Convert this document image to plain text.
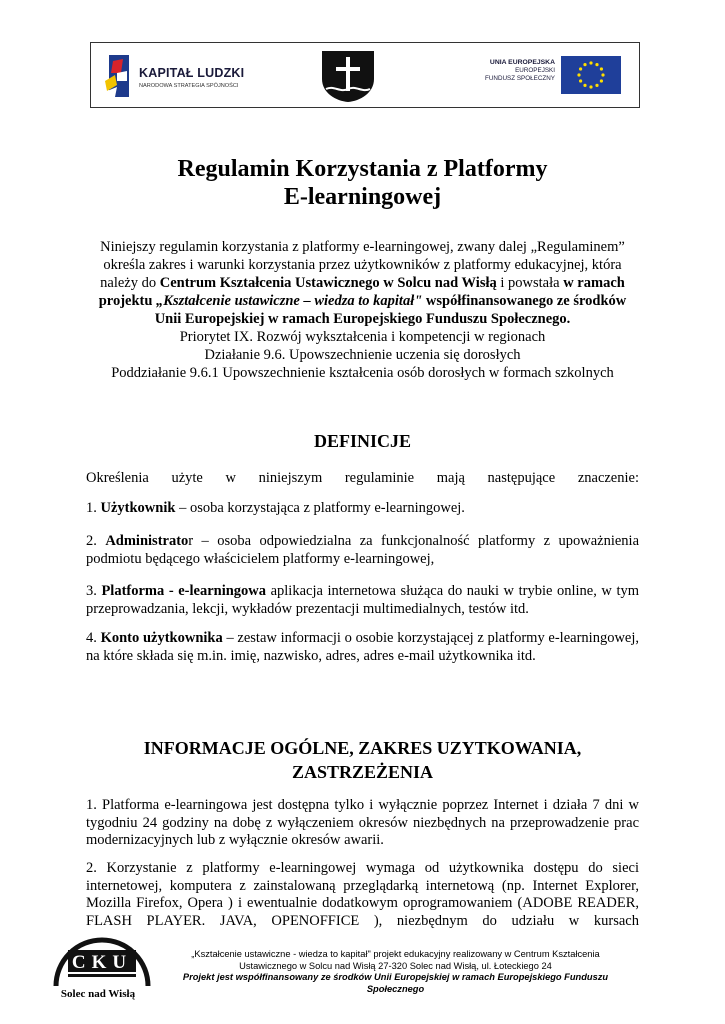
KAPITAŁ LUDZKI
NARODOWA STRATEGIA SPÓJNOŚCI
UNIA EUROPEJSKA
EUROPEJSKI
FUNDUSZ SPOŁECZNY
Regulamin Korzystania z Platformy
E-learningowej
Niniejszy regulamin korzystania z platformy e-learningowej, zwany dalej „Regulaminem” określa zakres i warunki korzystania przez użytkowników z platformy edukacyjnej, która należy do Centrum Kształcenia Ustawicznego w Solcu nad Wisłą i powstała w ramach projektu „Kształcenie ustawiczne – wiedza to kapitał" współfinansowanego ze środków Unii Europejskiej w ramach Europejskiego Funduszu Społecznego.
Priorytet IX. Rozwój wykształcenia i kompetencji w regionach
Działanie 9.6. Upowszechnienie uczenia się dorosłych
Poddziałanie 9.6.1 Upowszechnienie kształcenia osób dorosłych w formach szkolnych
DEFINICJE
Określenia użyte w niniejszym regulaminie mają następujące znaczenie:
1. Użytkownik – osoba korzystająca z platformy e-learningowej.
2. Administrator – osoba odpowiedzialna za funkcjonalność platformy z upoważnienia podmiotu będącego właścicielem platformy e-learningowej,
3. Platforma - e-learningowa aplikacja internetowa służąca do nauki w trybie online, w tym przeprowadzania, lekcji, wykładów prezentacji multimedialnych, testów itd.
4. Konto użytkownika – zestaw informacji o osobie korzystającej z platformy e-learningowej, na które składa się m.in. imię, nazwisko, adres, adres e-mail użytkownika itd.
INFORMACJE OGÓLNE, ZAKRES UZYTKOWANIA,
ZASTRZEŻENIA
1. Platforma e-learningowa jest dostępna tylko i wyłącznie poprzez Internet i działa 7 dni w tygodniu 24 godziny na dobę z wyłączeniem okresów niezbędnych na przeprowadzenie prac modernizacyjnych lub z wyłącznie okresów awarii.
2. Korzystanie z platformy e-learningowej wymaga od użytkownika dostępu do sieci internetowej, komputera z zainstalowaną przeglądarką internetową (np. Internet Explorer, Mozilla Firefox, Opera ) i ewentualnie dodatkowym oprogramowaniem (ADOBE READER, FLASH PLAYER. JAVA, OPENOFFICE ), niezbędnym do udziału w kursach
CKU
Solec nad Wisłą
„Kształcenie ustawiczne - wiedza to kapitał" projekt edukacyjny realizowany w Centrum Kształcenia
Ustawicznego w Solcu nad Wisłą 27-320 Solec nad Wisłą, ul. Łoteckiego 24
Projekt jest współfinansowany ze środków Unii Europejskiej w ramach Europejskiego Funduszu Społecznego
